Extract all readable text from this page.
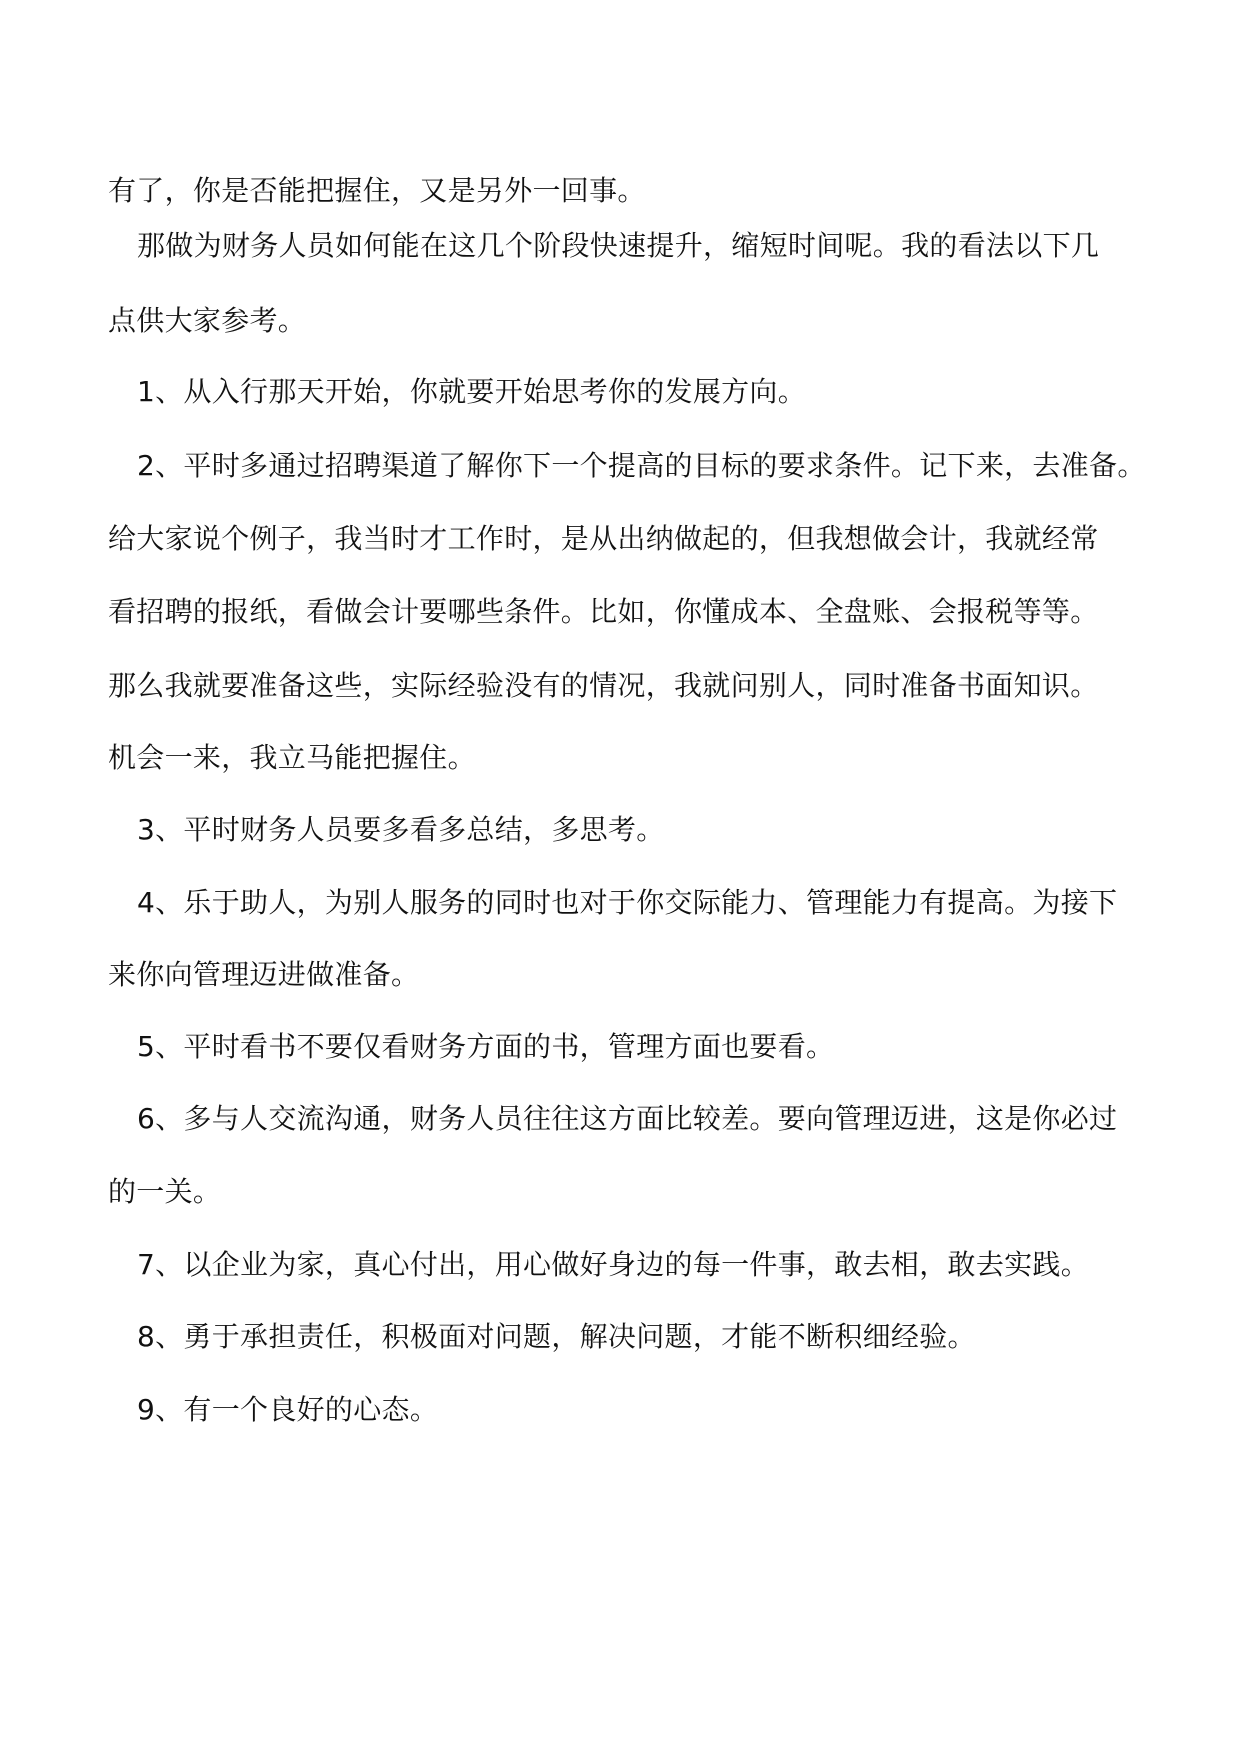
有了，你是否能把握住，又是另外一回事。
那做为财务人员如何能在这几个阶段快速提升，缩短时间呢。我的看法以下几
点供大家参考。
1、从入行那天开始，你就要开始思考你的发展方向。
2、平时多通过招聘渠道了解你下一个提高的目标的要求条件。记下来，去准备。
给大家说个例子，我当时才工作时，是从出纳做起的，但我想做会计，我就经常
看招聘的报纸，看做会计要哪些条件。比如，你懂成本、全盘账、会报税等等。
那么我就要准备这些，实际经验没有的情况，我就问别人，同时准备书面知识。
机会一来，我立马能把握住。
3、平时财务人员要多看多总结，多思考。
4、乐于助人，为别人服务的同时也对于你交际能力、管理能力有提高。为接下
来你向管理迈进做准备。
5、平时看书不要仅看财务方面的书，管理方面也要看。
6、多与人交流沟通，财务人员往往这方面比较差。要向管理迈进，这是你必过
的一关。
7、以企业为家，真心付出，用心做好身边的每一件事，敢去相，敢去实践。
8、勇于承担责任，积极面对问题，解决问题，才能不断积细经验。
9、有一个良好的心态。
